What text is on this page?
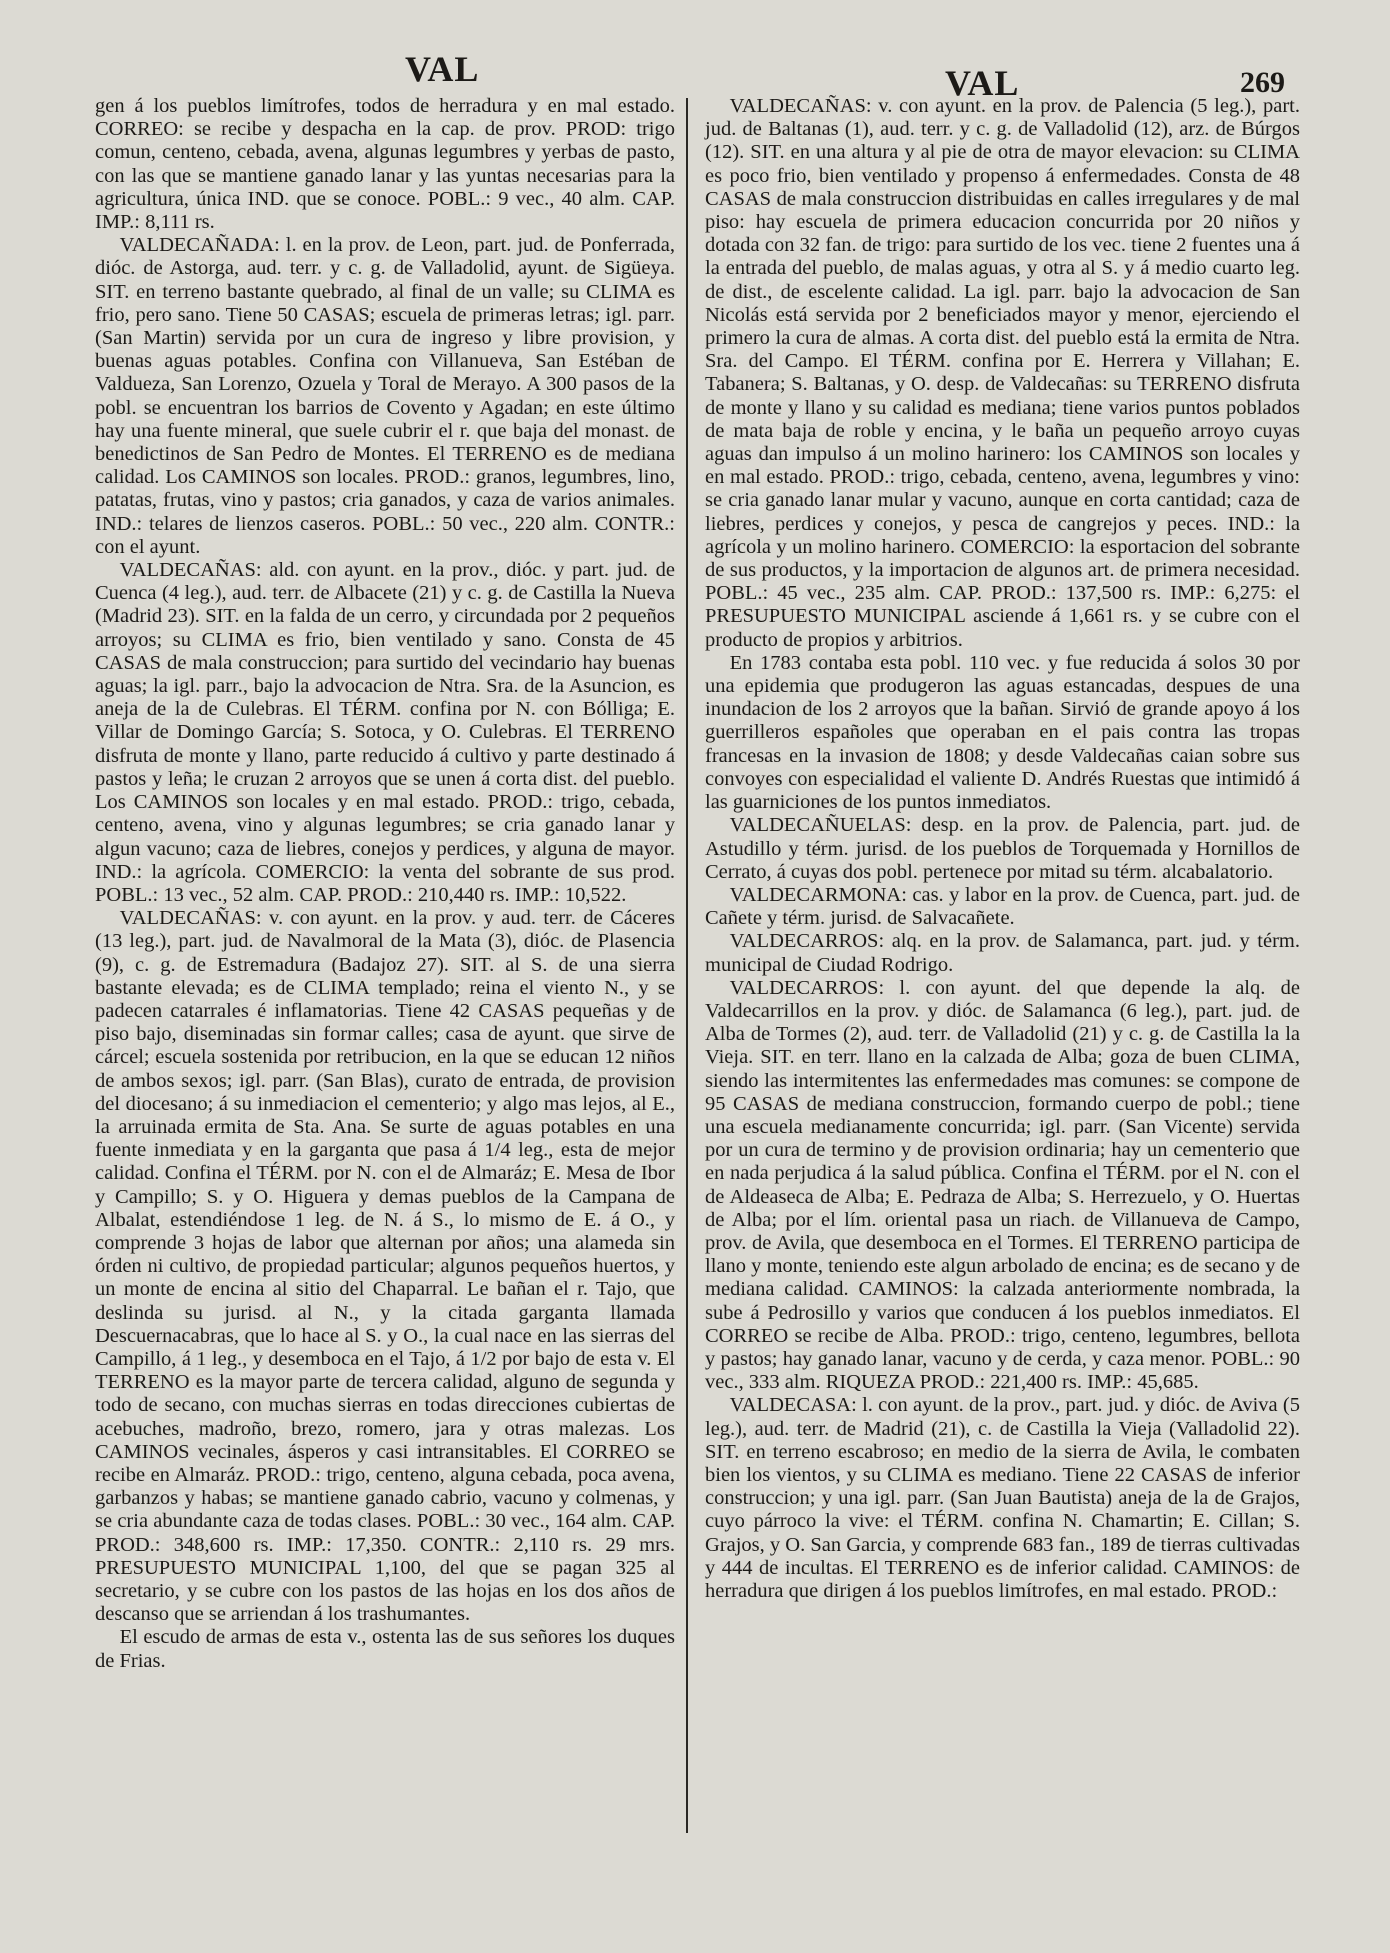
VAL	VAL	269

gen á los pueblos limítrofes, todos de herradura y en mal estado. CORREO: se recibe y despacha en la cap. de prov. PROD: trigo comun, centeno, cebada, avena, algunas legumbres y yerbas de pasto, con las que se mantiene ganado lanar y las yuntas necesarias para la agricultura, única IND. que se conoce. POBL.: 9 vec., 40 alm. CAP. IMP.: 8,111 rs.

VALDECAÑADA: l. en la prov. de Leon, part. jud. de Ponferrada, dióc. de Astorga, aud. terr. y c. g. de Valladolid, ayunt. de Sigüeya. SIT. en terreno bastante quebrado, al final de un valle; su CLIMA es frio, pero sano. Tiene 50 CASAS; escuela de primeras letras; igl. parr. (San Martin) servida por un cura de ingreso y libre provision, y buenas aguas potables. Confina con Villanueva, San Estéban de Valdueza, San Lorenzo, Ozuela y Toral de Merayo. A 300 pasos de la pobl. se encuentran los barrios de Covento y Agadan; en este último hay una fuente mineral, que suele cubrir el r. que baja del monast. de benedictinos de San Pedro de Montes. El TERRENO es de mediana calidad. Los CAMINOS son locales. PROD.: granos, legumbres, lino, patatas, frutas, vino y pastos; cria ganados, y caza de varios animales. IND.: telares de lienzos caseros. POBL.: 50 vec., 220 alm. CONTR.: con el ayunt.

VALDECAÑAS: ald. con ayunt. en la prov., dióc. y part. jud. de Cuenca (4 leg.), aud. terr. de Albacete (21) y c. g. de Castilla la Nueva (Madrid 23). SIT. en la falda de un cerro, y circundada por 2 pequeños arroyos; su CLIMA es frio, bien ventilado y sano. Consta de 45 CASAS de mala construccion; para surtido del vecindario hay buenas aguas; la igl. parr., bajo la advocacion de Ntra. Sra. de la Asuncion, es aneja de la de Culebras. El TÉRM. confina por N. con Bólliga; E. Villar de Domingo García; S. Sotoca, y O. Culebras. El TERRENO disfruta de monte y llano, parte reducido á cultivo y parte destinado á pastos y leña; le cruzan 2 arroyos que se unen á corta dist. del pueblo. Los CAMINOS son locales y en mal estado. PROD.: trigo, cebada, centeno, avena, vino y algunas legumbres; se cria ganado lanar y algun vacuno; caza de liebres, conejos y perdices, y alguna de mayor. IND.: la agrícola. COMERCIO: la venta del sobrante de sus prod. POBL.: 13 vec., 52 alm. CAP. PROD.: 210,440 rs. IMP.: 10,522.

VALDECAÑAS: v. con ayunt. en la prov. y aud. terr. de Cáceres (13 leg.), part. jud. de Navalmoral de la Mata (3), dióc. de Plasencia (9), c. g. de Estremadura (Badajoz 27). SIT. al S. de una sierra bastante elevada; es de CLIMA templado; reina el viento N., y se padecen catarrales é inflamatorias. Tiene 42 CASAS pequeñas y de piso bajo, diseminadas sin formar calles; casa de ayunt. que sirve de cárcel; escuela sostenida por retribucion, en la que se educan 12 niños de ambos sexos; igl. parr. (San Blas), curato de entrada, de provision del diocesano; á su inmediacion el cementerio; y algo mas lejos, al E., la arruinada ermita de Sta. Ana. Se surte de aguas potables en una fuente inmediata y en la garganta que pasa á 1/4 leg., esta de mejor calidad. Confina el TÉRM. por N. con el de Almaráz; E. Mesa de Ibor y Campillo; S. y O. Higuera y demas pueblos de la Campana de Albalat, estendiéndose 1 leg. de N. á S., lo mismo de E. á O., y comprende 3 hojas de labor que alternan por años; una alameda sin órden ni cultivo, de propiedad particular; algunos pequeños huertos, y un monte de encina al sitio del Chaparral. Le bañan el r. Tajo, que deslinda su jurisd. al N., y la citada garganta llamada Descuernacabras, que lo hace al S. y O., la cual nace en las sierras del Campillo, á 1 leg., y desemboca en el Tajo, á 1/2 por bajo de esta v. El TERRENO es la mayor parte de tercera calidad, alguno de segunda y todo de secano, con muchas sierras en todas direcciones cubiertas de acebuches, madroño, brezo, romero, jara y otras malezas. Los CAMINOS vecinales, ásperos y casi intransitables. El CORREO se recibe en Almaráz. PROD.: trigo, centeno, alguna cebada, poca avena, garbanzos y habas; se mantiene ganado cabrio, vacuno y colmenas, y se cria abundante caza de todas clases. POBL.: 30 vec., 164 alm. CAP. PROD.: 348,600 rs. IMP.: 17,350. CONTR.: 2,110 rs. 29 mrs. PRESUPUESTO MUNICIPAL 1,100, del que se pagan 325 al secretario, y se cubre con los pastos de las hojas en los dos años de descanso que se arriendan á los trashumantes.

El escudo de armas de esta v., ostenta las de sus señores los duques de Frias.

VALDECAÑAS: v. con ayunt. en la prov. de Palencia (5 leg.), part. jud. de Baltanas (1), aud. terr. y c. g. de Valladolid (12), arz. de Búrgos (12). SIT. en una altura y al pie de otra de mayor elevacion: su CLIMA es poco frio, bien ventilado y propenso á enfermedades. Consta de 48 CASAS de mala construccion distribuidas en calles irregulares y de mal piso: hay escuela de primera educacion concurrida por 20 niños y dotada con 32 fan. de trigo: para surtido de los vec. tiene 2 fuentes una á la entrada del pueblo, de malas aguas, y otra al S. y á medio cuarto leg. de dist., de escelente calidad. La igl. parr. bajo la advocacion de San Nicolás está servida por 2 beneficiados mayor y menor, ejerciendo el primero la cura de almas. A corta dist. del pueblo está la ermita de Ntra. Sra. del Campo. El TÉRM. confina por E. Herrera y Villahan; E. Tabanera; S. Baltanas, y O. desp. de Valdecañas: su TERRENO disfruta de monte y llano y su calidad es mediana; tiene varios puntos poblados de mata baja de roble y encina, y le baña un pequeño arroyo cuyas aguas dan impulso á un molino harinero: los CAMINOS son locales y en mal estado. PROD.: trigo, cebada, centeno, avena, legumbres y vino: se cria ganado lanar mular y vacuno, aunque en corta cantidad; caza de liebres, perdices y conejos, y pesca de cangrejos y peces. IND.: la agrícola y un molino harinero. COMERCIO: la esportacion del sobrante de sus productos, y la importacion de algunos art. de primera necesidad. POBL.: 45 vec., 235 alm. CAP. PROD.: 137,500 rs. IMP.: 6,275: el PRESUPUESTO MUNICIPAL asciende á 1,661 rs. y se cubre con el producto de propios y arbitrios.

En 1783 contaba esta pobl. 110 vec. y fue reducida á solos 30 por una epidemia que produgeron las aguas estancadas, despues de una inundacion de los 2 arroyos que la bañan. Sirvió de grande apoyo á los guerrilleros españoles que operaban en el pais contra las tropas francesas en la invasion de 1808; y desde Valdecañas caian sobre sus convoyes con especialidad el valiente D. Andrés Ruestas que intimidó á las guarniciones de los puntos inmediatos.

VALDECAÑUELAS: desp. en la prov. de Palencia, part. jud. de Astudillo y térm. jurisd. de los pueblos de Torquemada y Hornillos de Cerrato, á cuyas dos pobl. pertenece por mitad su térm. alcabalatorio.

VALDECARMONA: cas. y labor en la prov. de Cuenca, part. jud. de Cañete y térm. jurisd. de Salvacañete.

VALDECARROS: alq. en la prov. de Salamanca, part. jud. y térm. municipal de Ciudad Rodrigo.

VALDECARROS: l. con ayunt. del que depende la alq. de Valdecarrillos en la prov. y dióc. de Salamanca (6 leg.), part. jud. de Alba de Tormes (2), aud. terr. de Valladolid (21) y c. g. de Castilla la la Vieja. SIT. en terr. llano en la calzada de Alba; goza de buen CLIMA, siendo las intermitentes las enfermedades mas comunes: se compone de 95 CASAS de mediana construccion, formando cuerpo de pobl.; tiene una escuela medianamente concurrida; igl. parr. (San Vicente) servida por un cura de termino y de provision ordinaria; hay un cementerio que en nada perjudica á la salud pública. Confina el TÉRM. por el N. con el de Aldeaseca de Alba; E. Pedraza de Alba; S. Herrezuelo, y O. Huertas de Alba; por el lím. oriental pasa un riach. de Villanueva de Campo, prov. de Avila, que desemboca en el Tormes. El TERRENO participa de llano y monte, teniendo este algun arbolado de encina; es de secano y de mediana calidad. CAMINOS: la calzada anteriormente nombrada, la sube á Pedrosillo y varios que conducen á los pueblos inmediatos. El CORREO se recibe de Alba. PROD.: trigo, centeno, legumbres, bellota y pastos; hay ganado lanar, vacuno y de cerda, y caza menor. POBL.: 90 vec., 333 alm. RIQUEZA PROD.: 221,400 rs. IMP.: 45,685.

VALDECASA: l. con ayunt. de la prov., part. jud. y dióc. de Aviva (5 leg.), aud. terr. de Madrid (21), c. de Castilla la Vieja (Valladolid 22). SIT. en terreno escabroso; en medio de la sierra de Avila, le combaten bien los vientos, y su CLIMA es mediano. Tiene 22 CASAS de inferior construccion; y una igl. parr. (San Juan Bautista) aneja de la de Grajos, cuyo párroco la vive: el TÉRM. confina N. Chamartin; E. Cillan; S. Grajos, y O. San Garcia, y comprende 683 fan., 189 de tierras cultivadas y 444 de incultas. El TERRENO es de inferior calidad. CAMINOS: de herradura que dirigen á los pueblos limítrofes, en mal estado. PROD.:
